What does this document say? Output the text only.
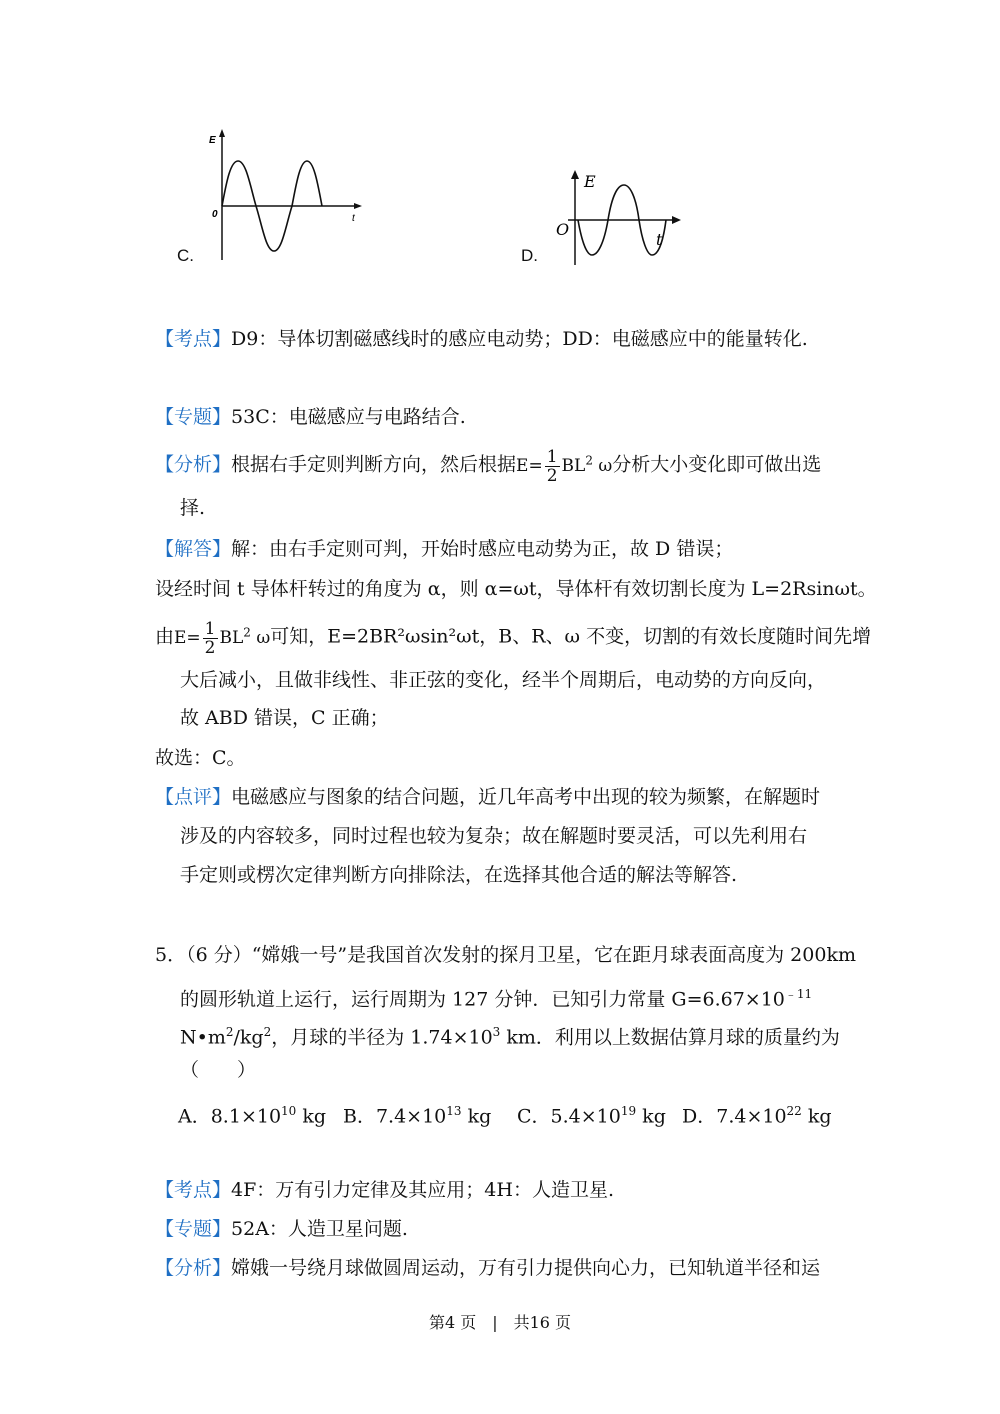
C.
E
0	t
D.
E
O
t
【考点】D9：导体切割磁感线时的感应电动势；DD：电磁感应中的能量转化.
【专题】53C：电磁感应与电路结合.
【分析】根据右手定则判断方向，然后根据$E= \frac{1}{2} BL^2$ ω分析大小变化即可做出选
择.
【解答】解：由右手定则可判，开始时感应电动势为正，故 D 错误；
设经时间 t 导体杆转过的角度为 α，则 α=ωt，导体杆有效切割长度为 L=2Rsinωt。
由$E= \frac{1}{2} BL^2$ ω可知，E=2BR²ωsin²ωt，B、R、ω 不变，切割的有效长度随时间先增
大后减小，且做非线性、非正弦的变化，经半个周期后，电动势的方向反向，
故 ABD 错误，C 正确；
故选：C。
【点评】电磁感应与图象的结合问题，近几年高考中出现的较为频繁，在解题时
涉及的内容较多，同时过程也较为复杂；故在解题时要灵活，可以先利用右
手定则或楞次定律判断方向排除法，在选择其他合适的解法等解答.
5．（6 分）“嫦娥一号”是我国首次发射的探月卫星，它在距月球表面高度为 200km
的圆形轨道上运行，运行周期为 127 分钟．已知引力常量 $G=6.67\times 10^{﹣11}$
$N•m^2/kg^2$，月球的半径为 $1.74\times 10^3$ km．利用以上数据估算月球的质量约为
（　　）
A．$8.1\times 10^{10}$ kg B．$7.4\times 10^{13}$ kg C．$5.4\times 10^{19}$ kg D．$7.4\times 10^{22}$ kg
【考点】4F：万有引力定律及其应用；4H：人造卫星.
【专题】52A：人造卫星问题.
【分析】嫦娥一号绕月球做圆周运动，万有引力提供向心力，已知轨道半径和运
第4 页　|　共16 页
